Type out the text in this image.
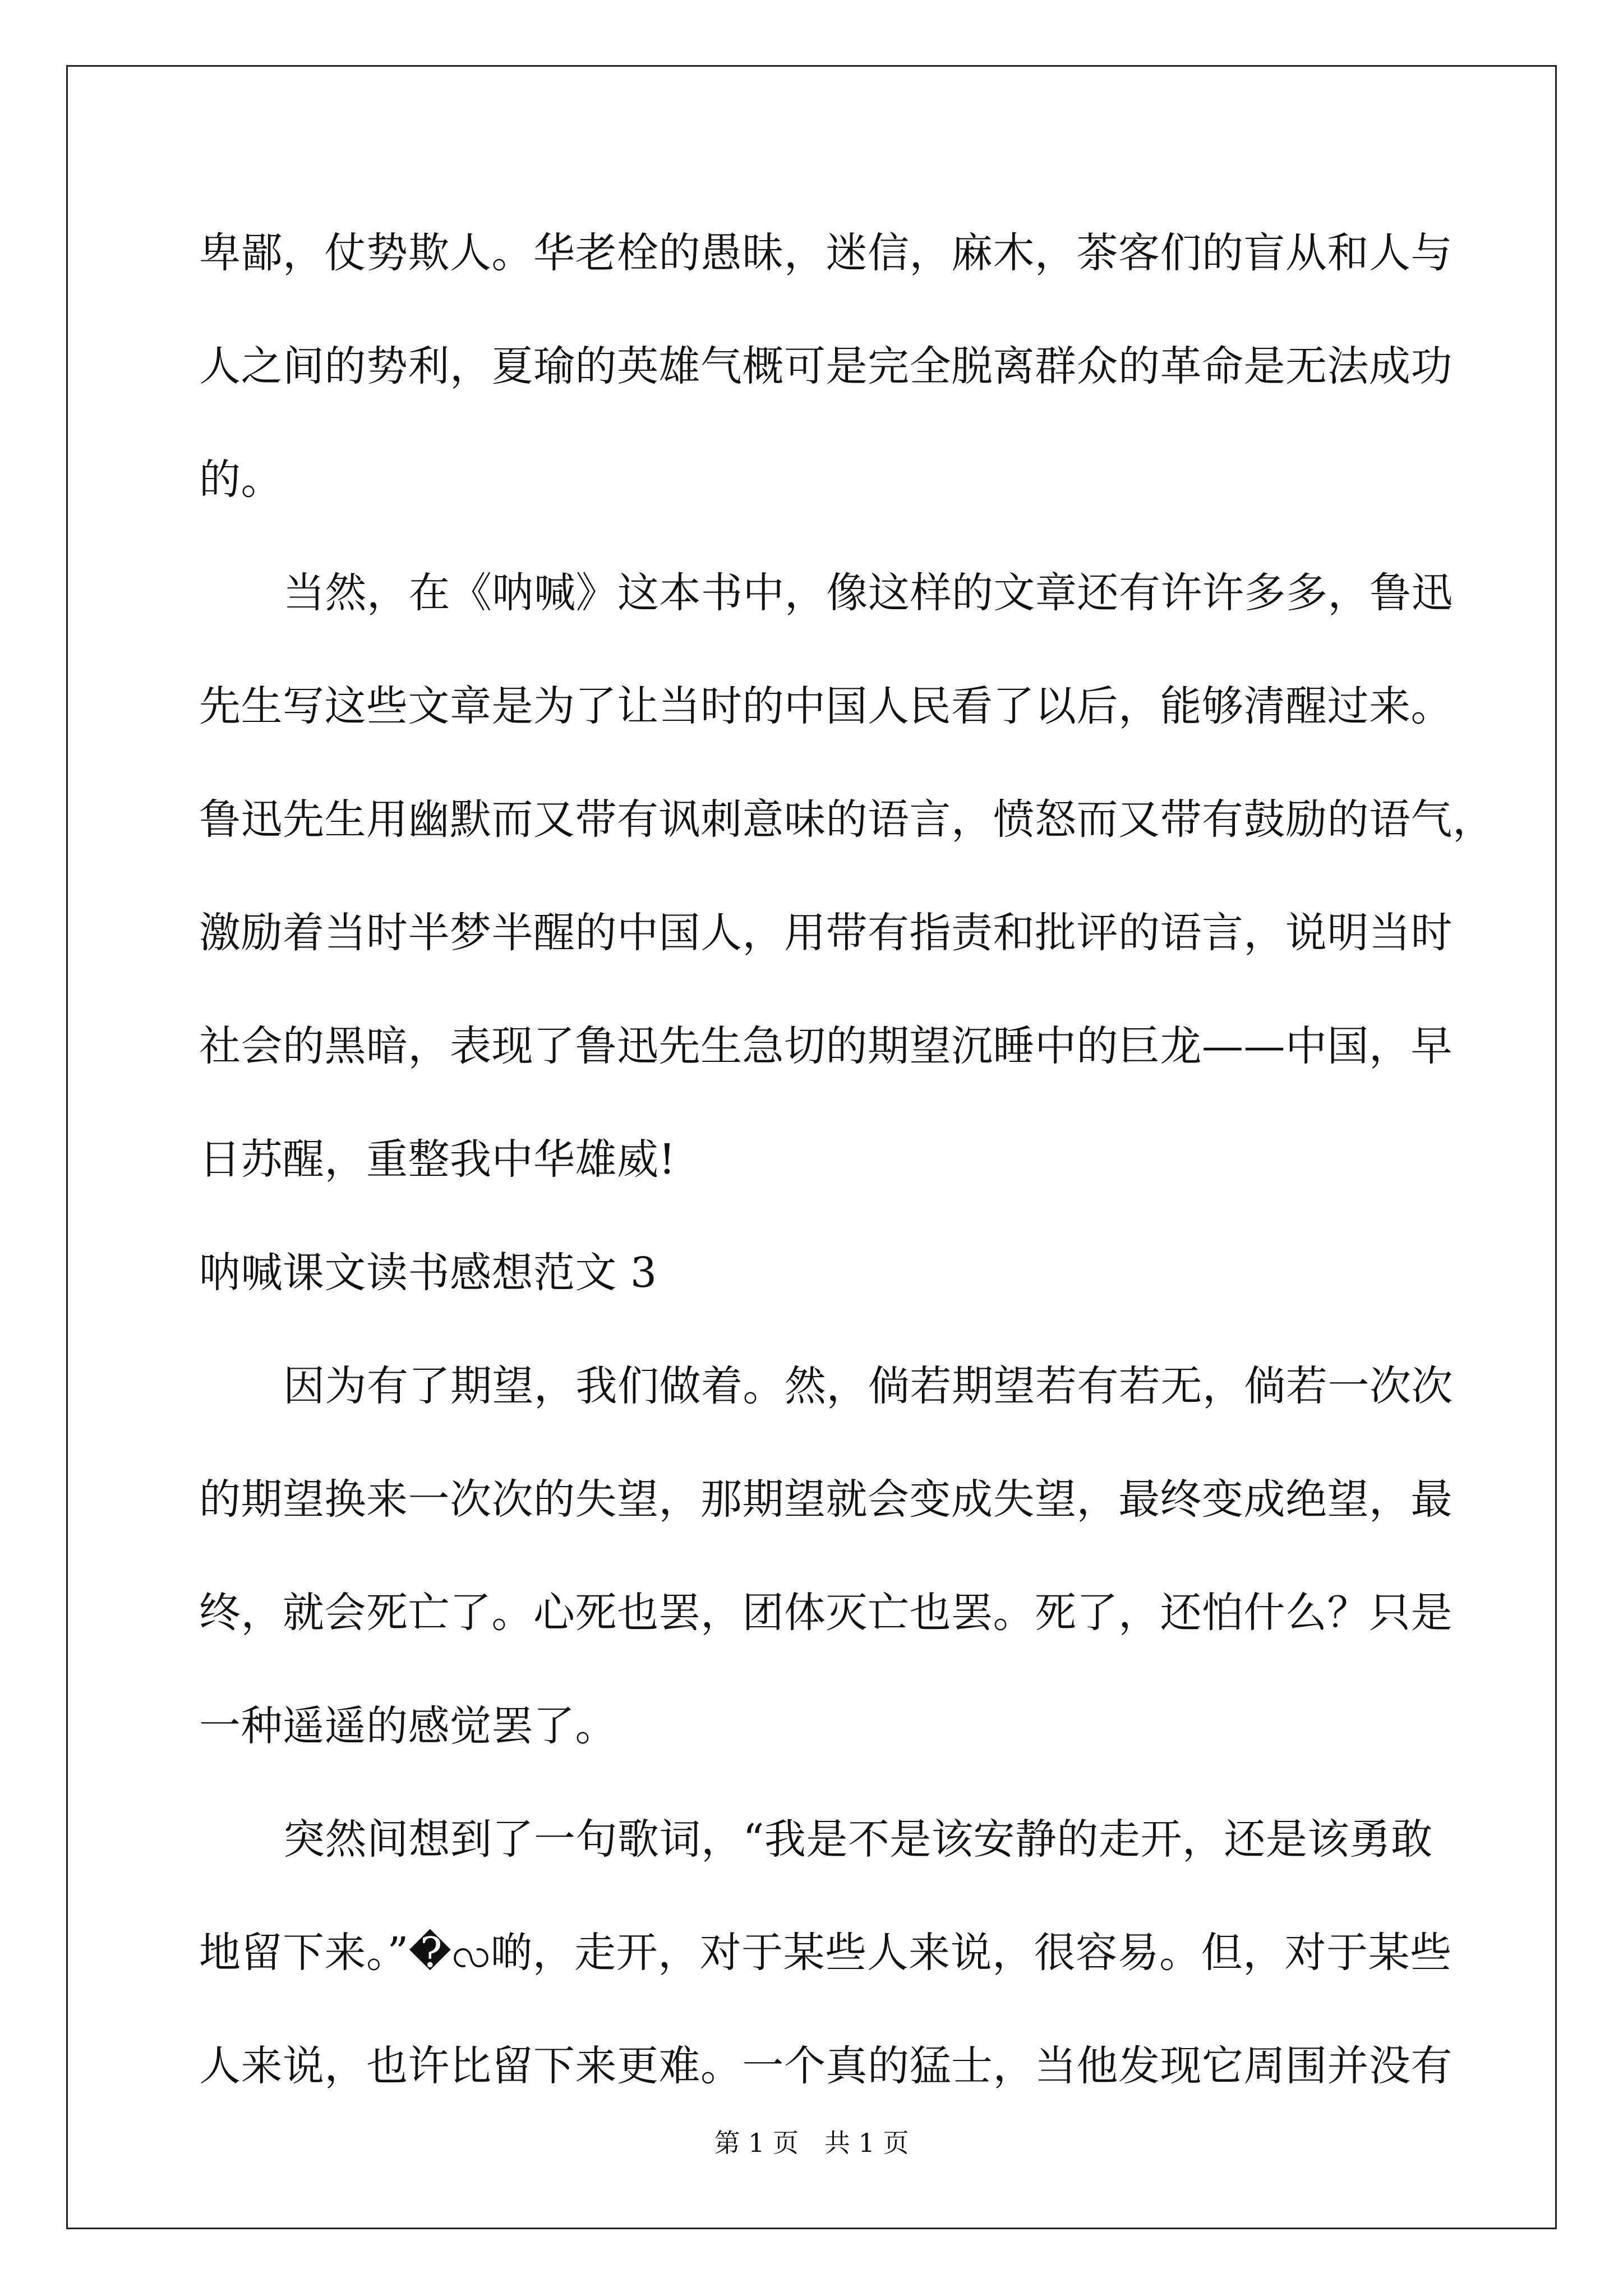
卑鄙，仗势欺人。华老栓的愚昧，迷信，麻木，茶客们的盲从和人与
人之间的势利，夏瑜的英雄气概可是完全脱离群众的革命是无法成功
的。
当然，在《呐喊》这本书中，像这样的文章还有许许多多，鲁迅
先生写这些文章是为了让当时的中国人民看了以后，能够清醒过来。
鲁迅先生用幽默而又带有讽刺意味的语言，愤怒而又带有鼓励的语气，
激励着当时半梦半醒的中国人，用带有指责和批评的语言，说明当时
社会的黑暗，表现了鲁迅先生急切的期望沉睡中的巨龙——中国，早
日苏醒，重整我中华雄威!
呐喊课文读书感想范文 3
因为有了期望，我们做着。然，倘若期望若有若无，倘若一次次
的期望换来一次次的失望，那期望就会变成失望，最终变成绝望，最
终，就会死亡了。心死也罢，团体灭亡也罢。死了，还怕什么？只是
一种遥遥的感觉罢了。
突然间想到了一句歌词，“我是不是该安静的走开，还是该勇敢
地留下来。”�လ啲，走开，对于某些人来说，很容易。但，对于某些
人来说，也许比留下来更难。一个真的猛士，当他发现它周围并没有
第 1 页　共 1 页
